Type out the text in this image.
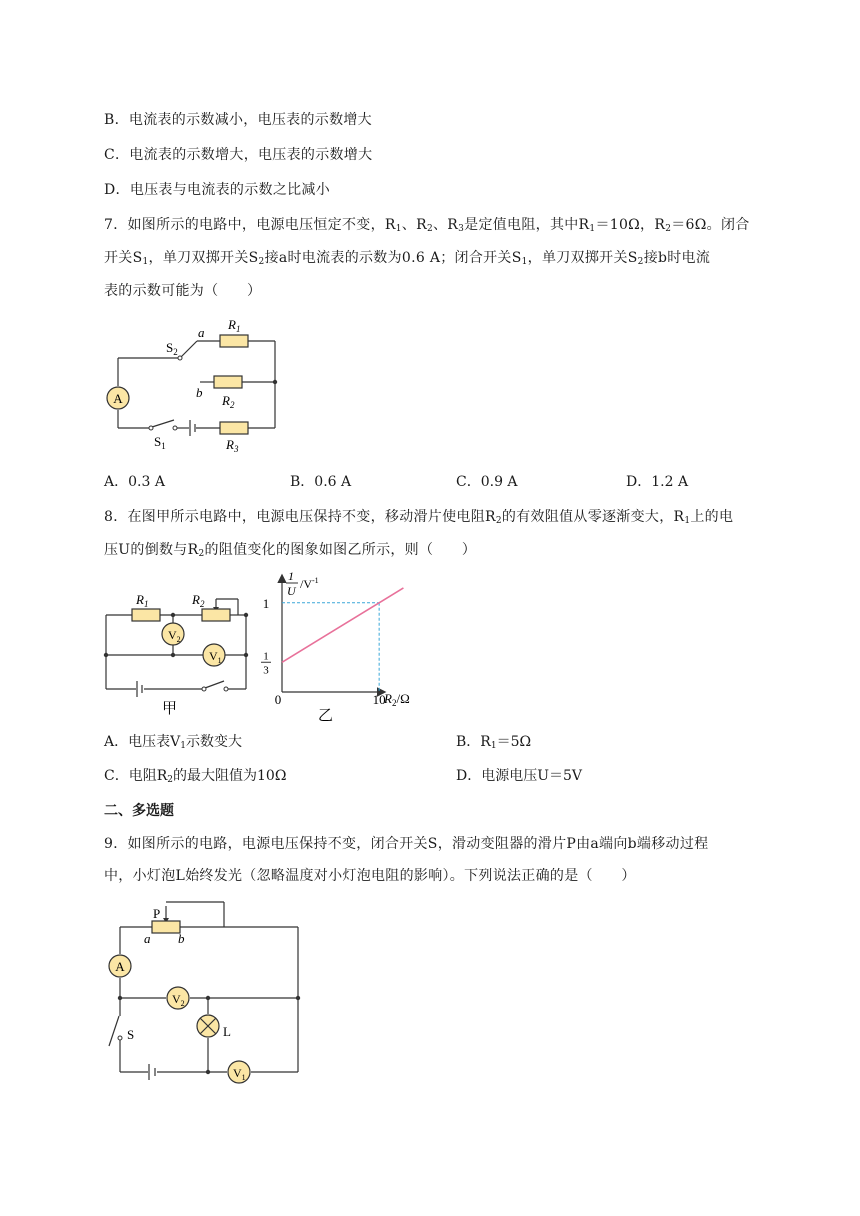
B．电流表的示数减小，电压表的示数增大
C．电流表的示数增大，电压表的示数增大
D．电压表与电流表的示数之比减小
7．如图所示的电路中，电源电压恒定不变，$R_1$、$R_2$、$R_3$是定值电阻，其中$R_1=10\Omega$，$R_2=6\Omega$。闭合
开关$S_1$，单刀双掷开关$S_2$接a时电流表的示数为0.6 A；闭合开关$S_1$，单刀双掷开关$S_2$接b时电流
表的示数可能为（　　）
A
a
b
$R_1$
$R_2$
$R_3$
$S_2$
$S_1$
A．0.3 A	B．0.6 A	C．0.9 A	D．1.2 A
8．在图甲所示电路中，电源电压保持不变，移动滑片使电阻$R_2$的有效阻值从零逐渐变大，$R_1$上的电
压U的倒数与$R_2$的阻值变化的图象如图乙所示，则（　　）
$V_2$
$V_1$
$R_1$	$R_2$
甲
0	10
1
1
3
1
U $/V^{-1}$
$R_2/\Omega$
乙
A．电压表$V_1$示数变大	B．$R_1=5\Omega$
C．电阻$R_2$的最大阻值为10Ω	D．电源电压U＝5V
二、多选题
9．如图所示的电路，电源电压保持不变，闭合开关S，滑动变阻器的滑片P由a端向b端移动过程
中，小灯泡L始终发光（忽略温度对小灯泡电阻的影响）。下列说法正确的是（　　）
A
$V_2$
$V_1$
P
a b
S	L
